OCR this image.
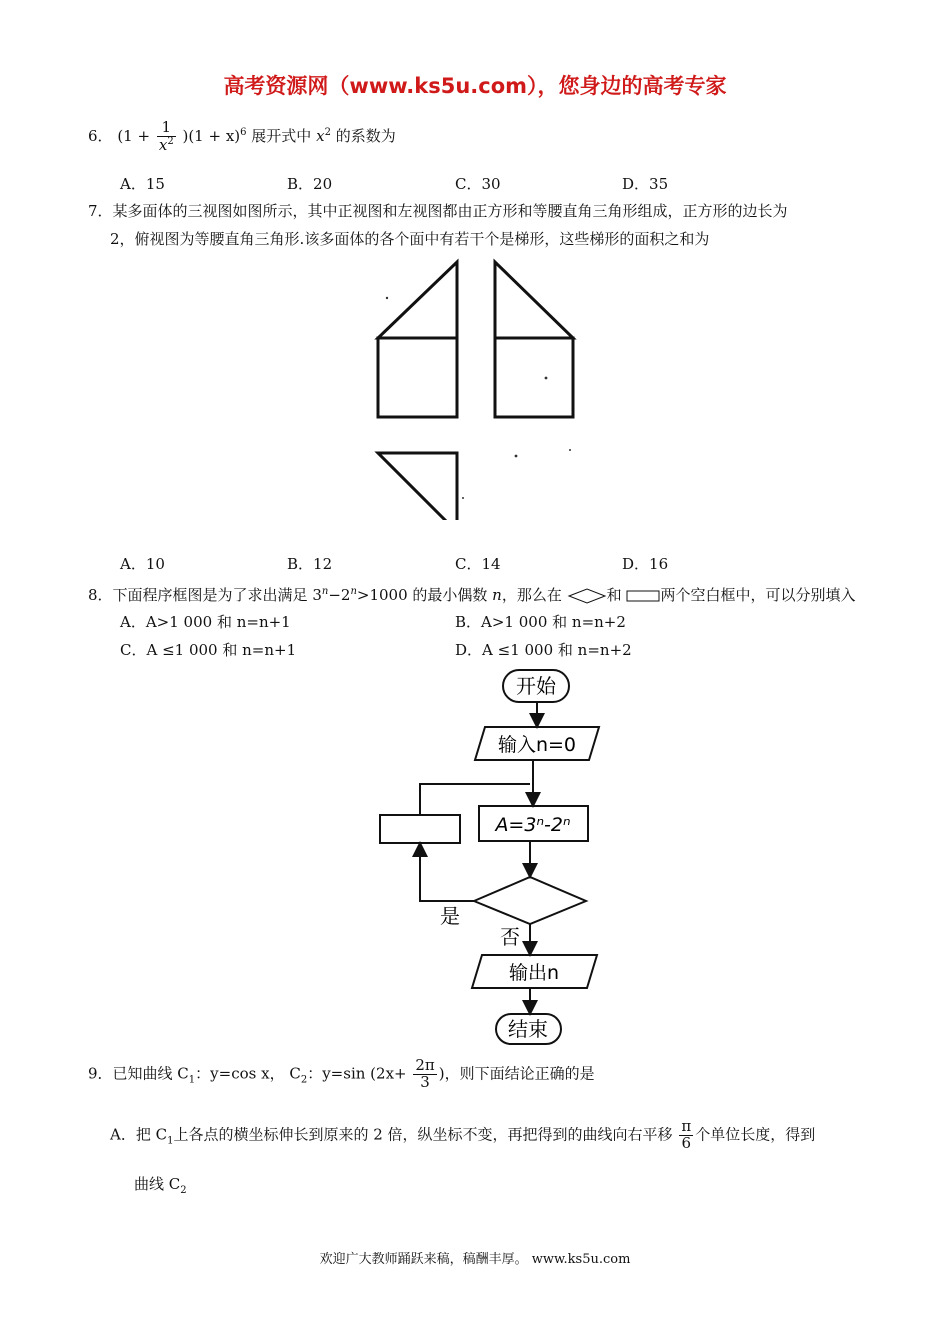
高考资源网（www.ks5u.com），您身边的高考专家
6． $(1 + \frac{1}{x^2} )(1 + x)^6$ 展开式中 $x^2$ 的系数为
A．15	B．20	C．30	D．35
7．某多面体的三视图如图所示，其中正视图和左视图都由正方形和等腰直角三角形组成，正方形的边长为
2，俯视图为等腰直角三角形.该多面体的各个面中有若干个是梯形，这些梯形的面积之和为
A．10	B．12	C．14	D．16
8．下面程序框图是为了求出满足 $3^n-2^n>1000$ 的最小偶数 n，那么在	和	两个空白框中，可以分别填入
A．A>1 000 和 n=n+1	B．A>1 000 和 n=n+2
C．A ≤1 000 和 n=n+1	D．A ≤1 000 和 n=n+2
开始
输入n=0
A=3ⁿ-2ⁿ
是
否
输出n
结束
9．已知曲线 $C_1$：y=cos x， $C_2$：y=sin ($2x+ \frac{2\pi}{3}$ )，则下面结论正确的是
A．把 $C_1$上各点的横坐标伸长到原来的 2 倍，纵坐标不变，再把得到的曲线向右平移 $\frac{\pi}{6}$ 个单位长度，得到
曲线 $C_2$
欢迎广大教师踊跃来稿，稿酬丰厚。 www.ks5u.com
